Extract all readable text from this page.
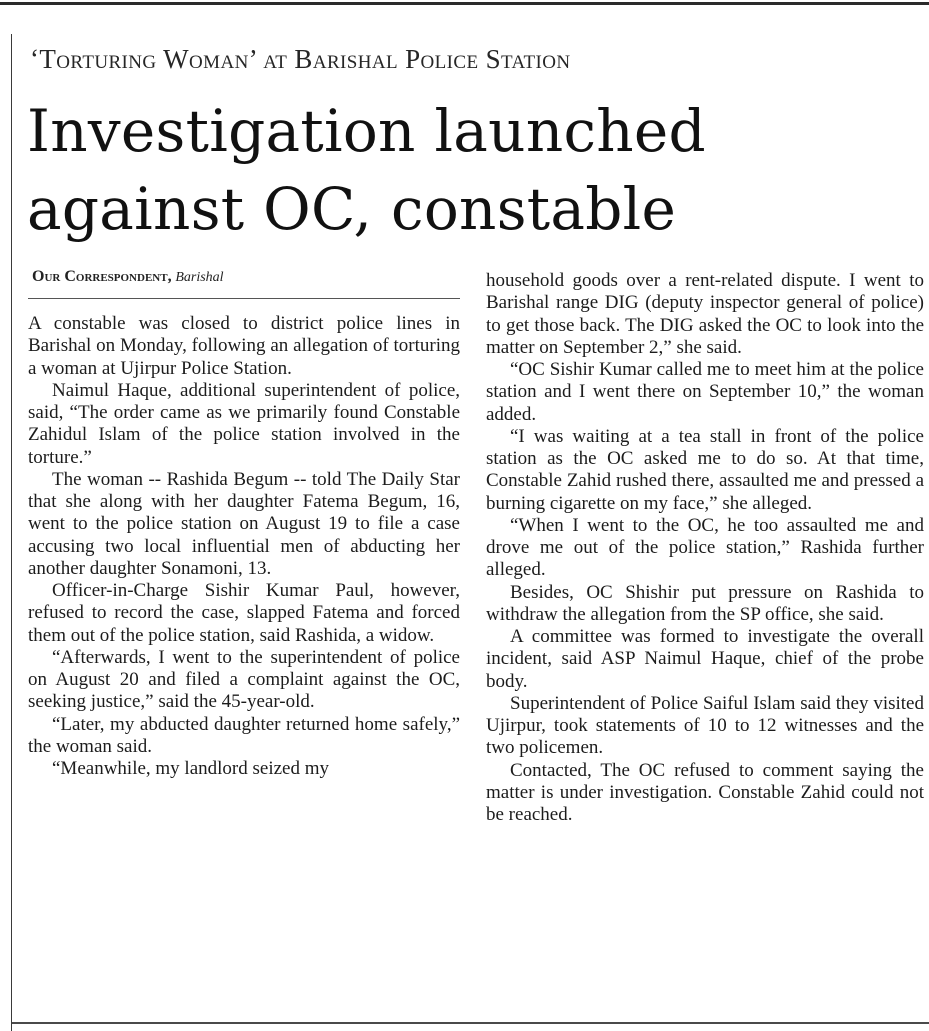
‘Torturing Woman’ at Barishal Police Station
Investigation launched
against OC, constable
Our Correspondent, Barishal

A constable was closed to district police lines in Barishal on Monday, following an allegation of torturing a woman at Ujirpur Police Station.

Naimul Haque, additional superintendent of police, said, “The order came as we primarily found Constable Zahidul Islam of the police station involved in the torture.”

The woman -- Rashida Begum -- told The Daily Star that she along with her daughter Fatema Begum, 16, went to the police station on August 19 to file a case accusing two local influential men of abducting her another daughter Sonamoni, 13.

Officer-in-Charge Sishir Kumar Paul, however, refused to record the case, slapped Fatema and forced them out of the police station, said Rashida, a widow.

“Afterwards, I went to the superintendent of police on August 20 and filed a complaint against the OC, seeking justice,” said the 45-year-old.

“Later, my abducted daughter returned home safely,” the woman said.

“Meanwhile, my landlord seized my

household goods over a rent-related dispute. I went to Barishal range DIG (deputy inspector general of police) to get those back. The DIG asked the OC to look into the matter on September 2,” she said.

“OC Sishir Kumar called me to meet him at the police station and I went there on September 10,” the woman added.

“I was waiting at a tea stall in front of the police station as the OC asked me to do so. At that time, Constable Zahid rushed there, assaulted me and pressed a burning cigarette on my face,” she alleged.

“When I went to the OC, he too assaulted me and drove me out of the police station,” Rashida further alleged.

Besides, OC Shishir put pressure on Rashida to withdraw the allegation from the SP office, she said.

A committee was formed to investigate the overall incident, said ASP Naimul Haque, chief of the probe body.

Superintendent of Police Saiful Islam said they visited Ujirpur, took statements of 10 to 12 witnesses and the two policemen.

Contacted, The OC refused to comment saying the matter is under investigation. Constable Zahid could not be reached.
